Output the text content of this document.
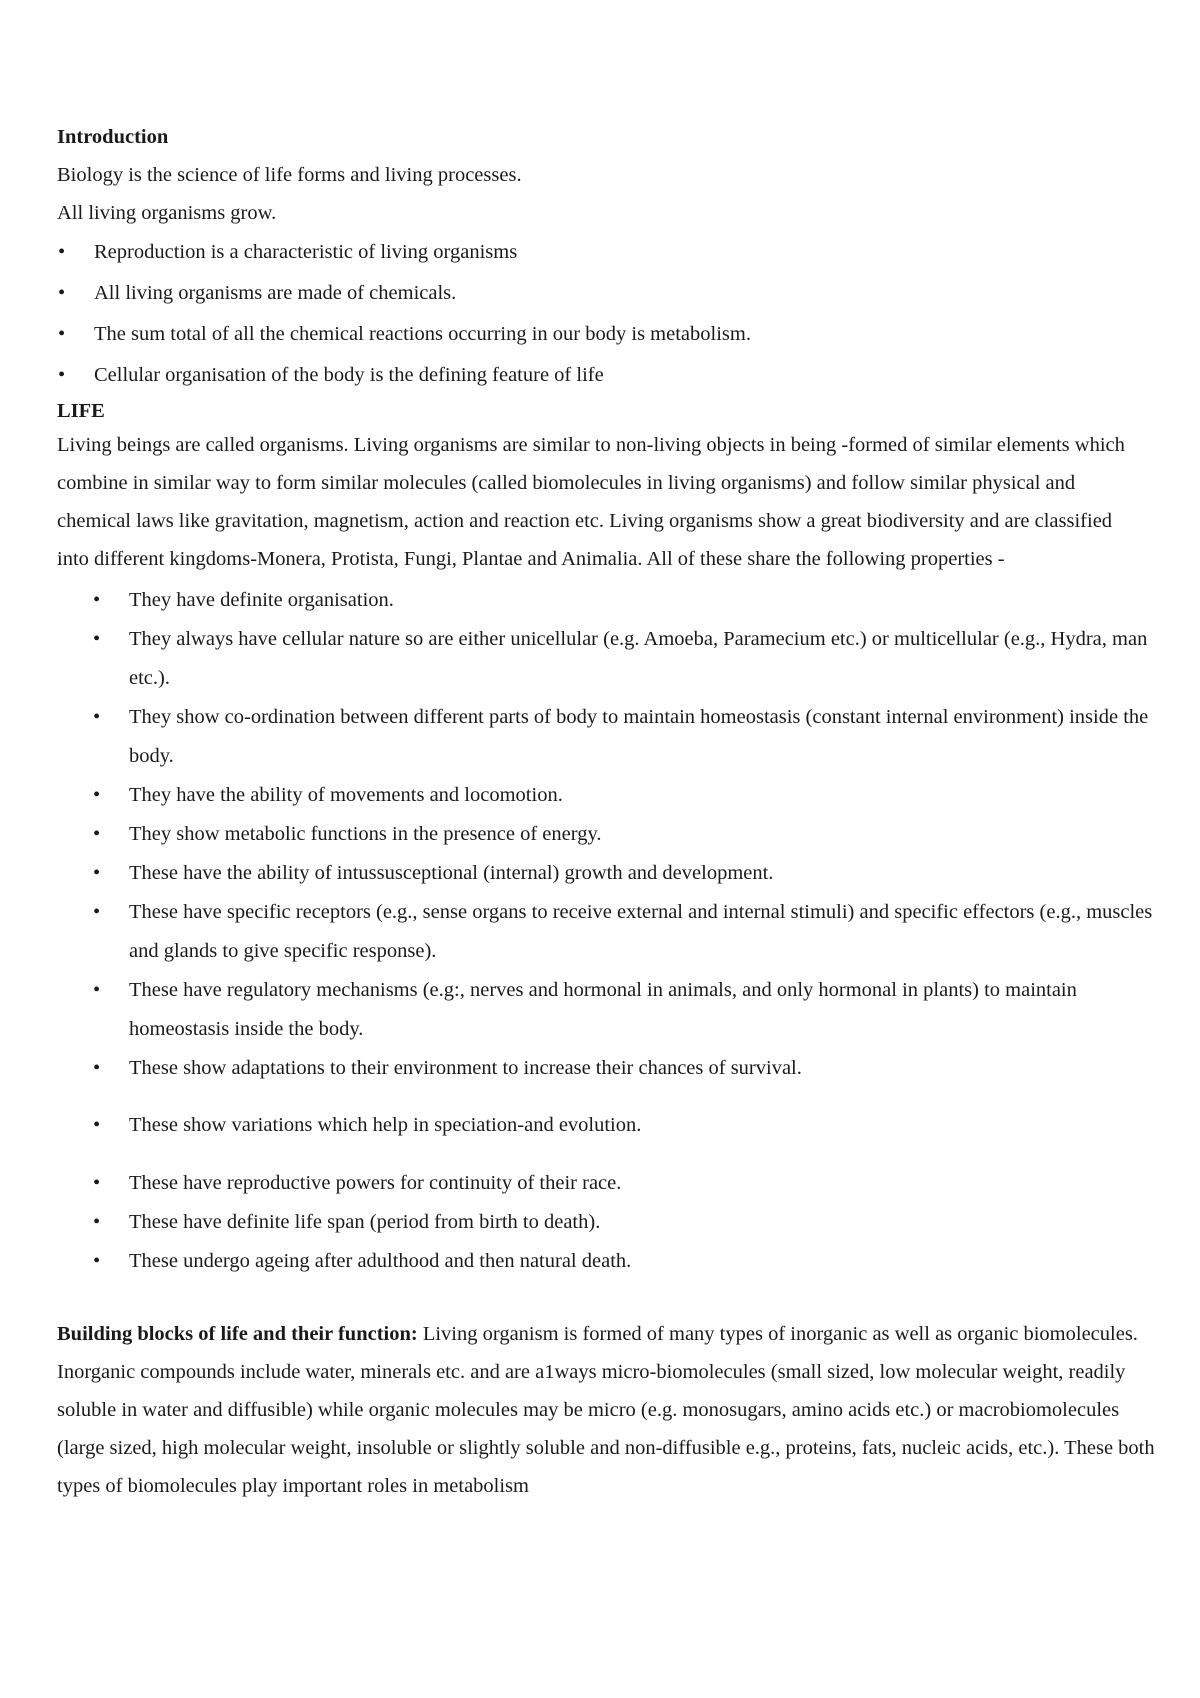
Introduction
Biology is the science of life forms and living processes.
All living organisms grow.
• Reproduction is a characteristic of living organisms
• All living organisms are made of chemicals.
• The sum total of all the chemical reactions occurring in our body is metabolism.
• Cellular organisation of the body is the defining feature of life
LIFE

Living beings are called organisms. Living organisms are similar to non-living objects in being -formed of similar elements which combine in similar way to form similar molecules (called biomolecules in living organisms) and follow similar physical and chemical laws like gravitation, magnetism, action and reaction etc. Living organisms show a great biodiversity and are classified into different kingdoms-Monera, Protista, Fungi, Plantae and Animalia. All of these share the following properties -

• They have definite organisation.
• They always have cellular nature so are either unicellular (e.g. Amoeba, Paramecium etc.) or multicellular (e.g., Hydra, man etc.).
• They show co-ordination between different parts of body to maintain homeostasis (constant internal environment) inside the body.
• They have the ability of movements and locomotion.
• They show metabolic functions in the presence of energy.
• These have the ability of intussusceptional (internal) growth and development.
• These have specific receptors (e.g., sense organs to receive external and internal stimuli) and specific effectors (e.g., muscles and glands to give specific response).
• These have regulatory mechanisms (e.g:, nerves and hormonal in animals, and only hormonal in plants) to maintain homeostasis inside the body.
• These show adaptations to their environment to increase their chances of survival.
• These show variations which help in speciation-and evolution.
• These have reproductive powers for continuity of their race.
• These have definite life span (period from birth to death).
• These undergo ageing after adulthood and then natural death.

Building blocks of life and their function: Living organism is formed of many types of inorganic as well as organic biomolecules. Inorganic compounds include water, minerals etc. and are a1ways micro-biomolecules (small sized, low molecular weight, readily soluble in water and diffusible) while organic molecules may be micro (e.g. monosugars, amino acids etc.) or macrobiomolecules (large sized, high molecular weight, insoluble or slightly soluble and non-diffusible e.g., proteins, fats, nucleic acids, etc.). These both types of biomolecules play important roles in metabolism
